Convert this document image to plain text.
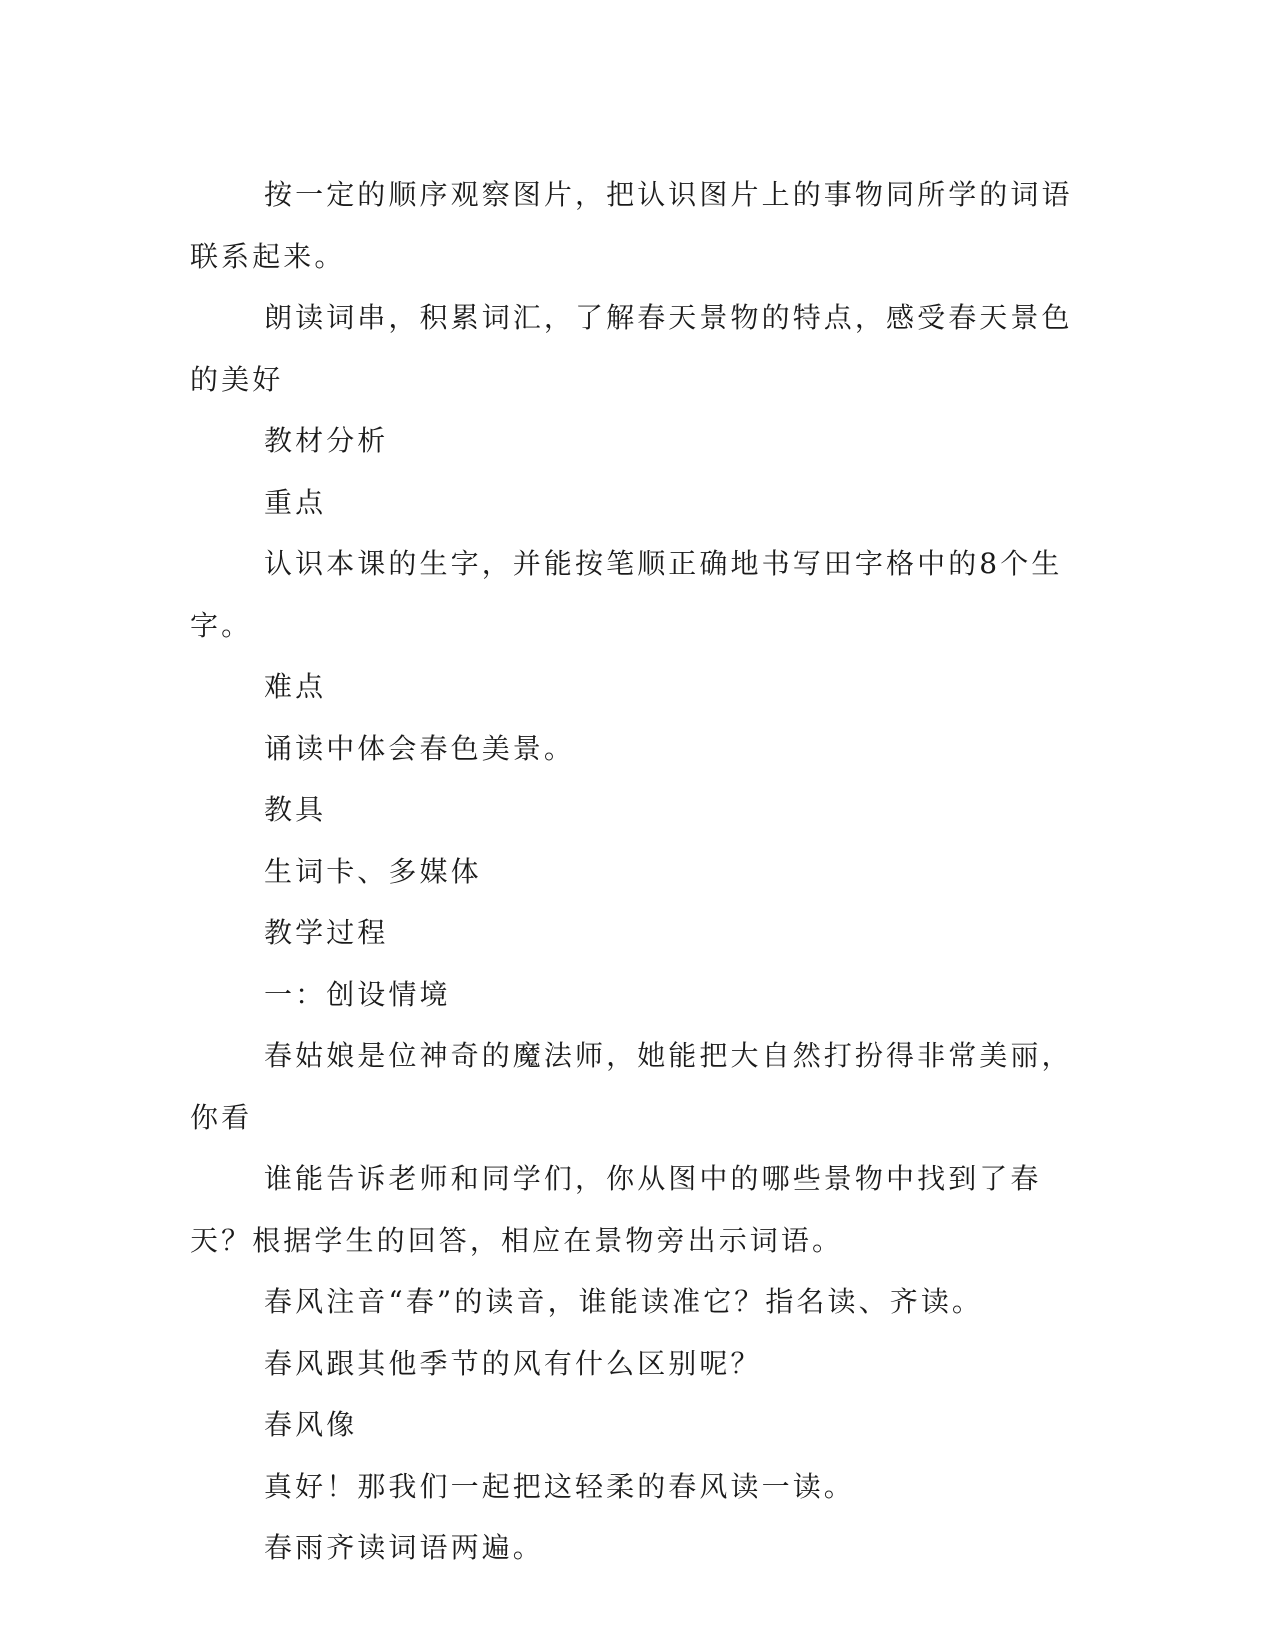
按一定的顺序观察图片，把认识图片上的事物同所学的词语联系起来。

朗读词串，积累词汇，了解春天景物的特点，感受春天景色的美好

教材分析

重点

认识本课的生字，并能按笔顺正确地书写田字格中的8个生字。

难点

诵读中体会春色美景。

教具

生词卡、多媒体

教学过程

一：创设情境

春姑娘是位神奇的魔法师，她能把大自然打扮得非常美丽，你看

谁能告诉老师和同学们，你从图中的哪些景物中找到了春天？根据学生的回答，相应在景物旁出示词语。

春风注音“春”的读音，谁能读准它？指名读、齐读。

春风跟其他季节的风有什么区别呢？

春风像

真好！那我们一起把这轻柔的春风读一读。

春雨齐读词语两遍。
